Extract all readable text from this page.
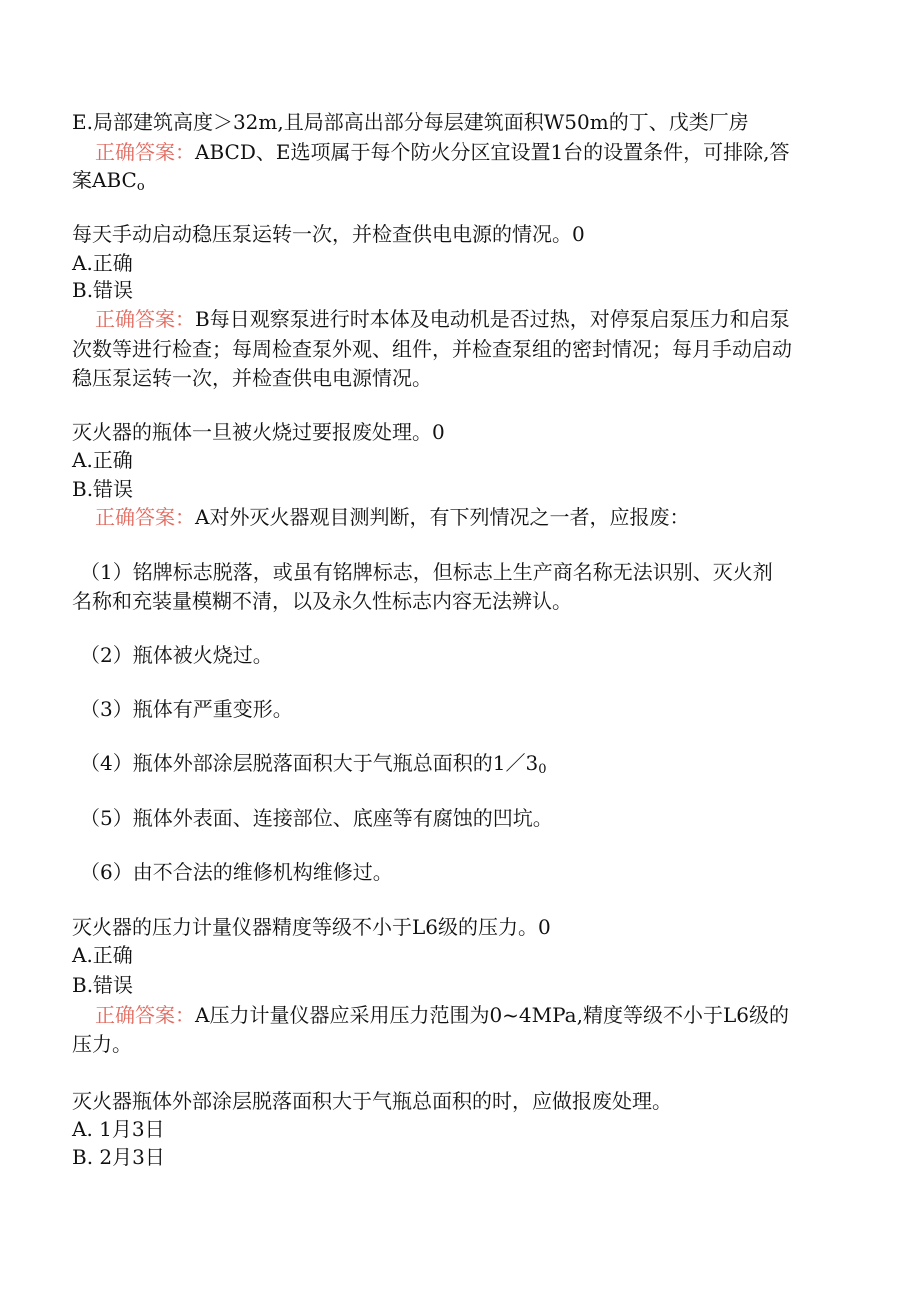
E.局部建筑高度＞32m,且局部高出部分每层建筑面积W50m的丁、戊类厂房
正确答案：ABCD、E选项属于每个防火分区宜设置1台的设置条件，可排除,答
案$ABC_o$
每天手动启动稳压泵运转一次，并检查供电电源的情况。0
A.正确
B.错误
正确答案：B每日观察泵进行时本体及电动机是否过热，对停泵启泵压力和启泵
次数等进行检查；每周检查泵外观、组件，并检查泵组的密封情况；每月手动启动
稳压泵运转一次，并检查供电电源情况。
灭火器的瓶体一旦被火烧过要报废处理。0
A.正确
B.错误
正确答案：A对外灭火器观目测判断，有下列情况之一者，应报废：
（1）铭牌标志脱落，或虽有铭牌标志，但标志上生产商名称无法识别、灭火剂
名称和充装量模糊不清，以及永久性标志内容无法辨认。
（2）瓶体被火烧过。
（3）瓶体有严重变形。
（4）瓶体外部涂层脱落面积大于气瓶总面积的$1/3_0$
（5）瓶体外表面、连接部位、底座等有腐蚀的凹坑。
（6）由不合法的维修机构维修过。
灭火器的压力计量仪器精度等级不小于L6级的压力。0
A.正确
B.错误
正确答案：A压力计量仪器应采用压力范围为0~4MPa,精度等级不小于L6级的
压力。
灭火器瓶体外部涂层脱落面积大于气瓶总面积的时，应做报废处理。
A. 1月3日
B. 2月3日
